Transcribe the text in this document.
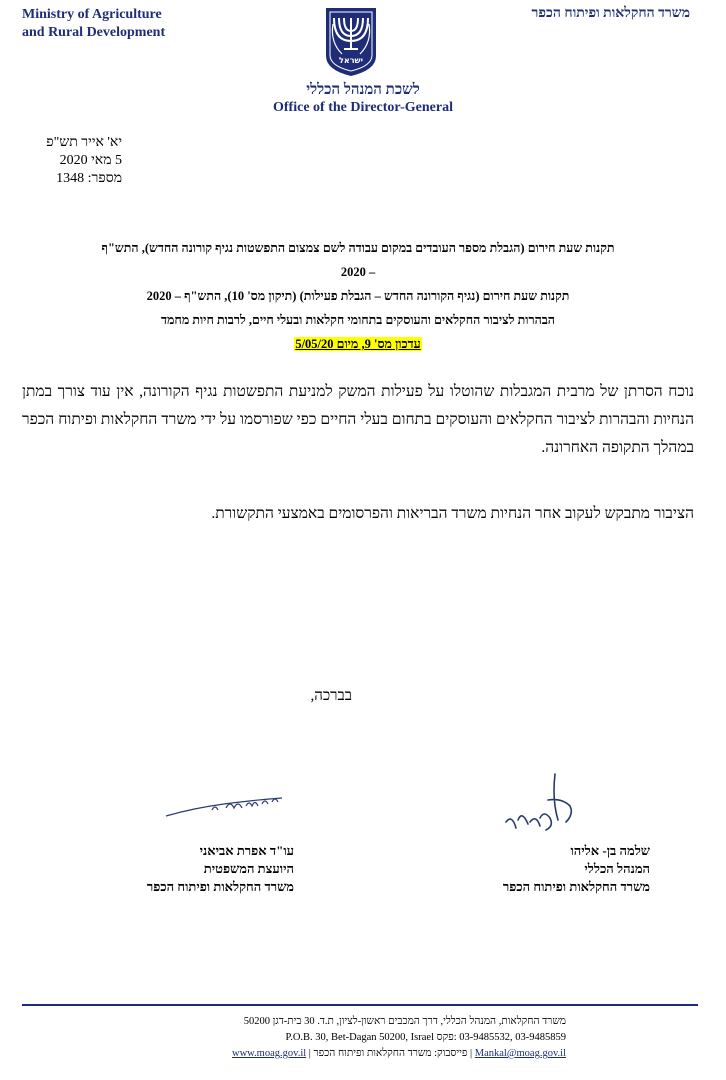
Ministry of Agriculture
and Rural Development
ישראל
משרד החקלאות ופיתוח הכפר
לשכת המנהל הכללי
Office of the Director-General
יא' אייר תש"פ
5 מאי 2020
מספר: 1348
תקנות שעת חירום (הגבלת מספר העובדים במקום עבודה לשם צמצום התפשטות נגיף קורונה החדש), התש"ף
– 2020
תקנות שעת חירום (נגיף הקורונה החדש – הגבלת פעילות) (תיקון מס' 10), התש"ף – 2020
הבהרות לציבור החקלאים והעוסקים בתחומי חקלאות ובעלי חיים, לרבות חיות מחמד
עדכון מס' 9, מיום 5/05/20

נוכח הסרתן של מרבית המגבלות שהוטלו על פעילות המשק למניעת התפשטות נגיף הקורונה, אין עוד צורך במתן הנחיות והבהרות לציבור החקלאים והעוסקים בתחום בעלי החיים כפי שפורסמו על ידי משרד החקלאות ופיתוח הכפר במהלך התקופה האחרונה.

הציבור מתבקש לעקוב אחר הנחיות משרד הבריאות והפרסומים באמצעי התקשורת.

בברכה,
שלמה בן- אליהו
המנהל הכללי
משרד החקלאות ופיתוח הכפר
עו"ד אפרת אביאני
היועצת המשפטית
משרד החקלאות ופיתוח הכפר
משרד החקלאות, המנהל הכללי, דרך המכבים ראשון-לציון, ת.ד. 30 בית-דגן 50200
03-9485859 ,03-9485532 :פקס P.O.B. 30, Bet-Dagan 50200, Israel
Mankal@moag.gov.il | פייסבוק: משרד החקלאות ופיתוח הכפר | www.moag.gov.il
